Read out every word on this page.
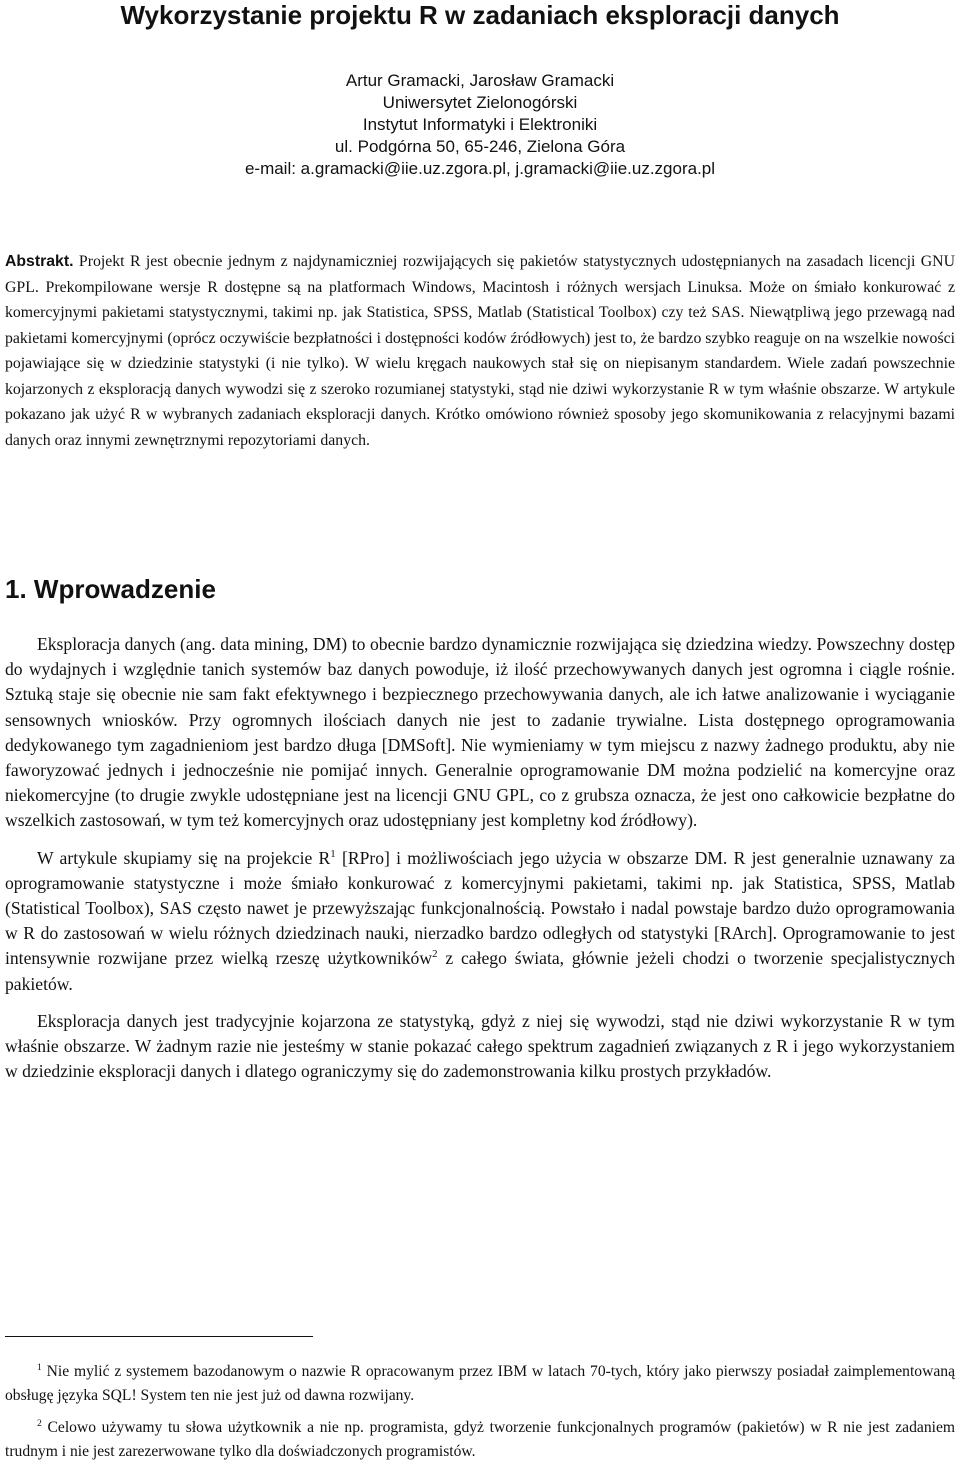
Wykorzystanie projektu R w zadaniach eksploracji danych
Artur Gramacki, Jarosław Gramacki
Uniwersytet Zielonogórski
Instytut Informatyki i Elektroniki
ul. Podgórna 50, 65-246, Zielona Góra
e-mail: a.gramacki@iie.uz.zgora.pl, j.gramacki@iie.uz.zgora.pl
Abstrakt. Projekt R jest obecnie jednym z najdynamiczniej rozwijających się pakietów statystycznych udostępnianych na zasadach licencji GNU GPL. Prekompilowane wersje R dostępne są na platformach Windows, Macintosh i różnych wersjach Linuksa. Może on śmiało konkurować z komercyjnymi pakietami statystycznymi, takimi np. jak Statistica, SPSS, Matlab (Statistical Toolbox) czy też SAS. Niewątpliwą jego przewagą nad pakietami komercyjnymi (oprócz oczywiście bezpłatności i dostępności kodów źródłowych) jest to, że bardzo szybko reaguje on na wszelkie nowości pojawiające się w dziedzinie statystyki (i nie tylko). W wielu kręgach naukowych stał się on niepisanym standardem. Wiele zadań powszechnie kojarzonych z eksploracją danych wywodzi się z szeroko rozumianej statystyki, stąd nie dziwi wykorzystanie R w tym właśnie obszarze. W artykule pokazano jak użyć R w wybranych zadaniach eksploracji danych. Krótko omówiono również sposoby jego skomunikowania z relacyjnymi bazami danych oraz innymi zewnętrznymi repozytoriami danych.
1. Wprowadzenie

Eksploracja danych (ang. data mining, DM) to obecnie bardzo dynamicznie rozwijająca się dziedzina wiedzy. Powszechny dostęp do wydajnych i względnie tanich systemów baz danych powoduje, iż ilość przechowywanych danych jest ogromna i ciągle rośnie. Sztuką staje się obecnie nie sam fakt efektywnego i bezpiecznego przechowywania danych, ale ich łatwe analizowanie i wyciąganie sensownych wniosków. Przy ogromnych ilościach danych nie jest to zadanie trywialne. Lista dostępnego oprogramowania dedykowanego tym zagadnieniom jest bardzo długa [DMSoft]. Nie wymieniamy w tym miejscu z nazwy żadnego produktu, aby nie faworyzować jednych i jednocześnie nie pomijać innych. Generalnie oprogramowanie DM można podzielić na komercyjne oraz niekomercyjne (to drugie zwykle udostępniane jest na licencji GNU GPL, co z grubsza oznacza, że jest ono całkowicie bezpłatne do wszelkich zastosowań, w tym też komercyjnych oraz udostępniany jest kompletny kod źródłowy).

W artykule skupiamy się na projekcie $R^1$ [RPro] i możliwościach jego użycia w obszarze DM. R jest generalnie uznawany za oprogramowanie statystyczne i może śmiało konkurować z komercyjnymi pakietami, takimi np. jak Statistica, SPSS, Matlab (Statistical Toolbox), SAS często nawet je przewyższając funkcjonalnością. Powstało i nadal powstaje bardzo dużo oprogramowania w R do zastosowań w wielu różnych dziedzinach nauki, nierzadko bardzo odległych od statystyki [RArch]. Oprogramowanie to jest intensywnie rozwijane przez wielką rzeszę użytkowników$^2$ z całego świata, głównie jeżeli chodzi o tworzenie specjalistycznych pakietów.

Eksploracja danych jest tradycyjnie kojarzona ze statystyką, gdyż z niej się wywodzi, stąd nie dziwi wykorzystanie R w tym właśnie obszarze. W żadnym razie nie jesteśmy w stanie pokazać całego spektrum zagadnień związanych z R i jego wykorzystaniem w dziedzinie eksploracji danych i dlatego ograniczymy się do zademonstrowania kilku prostych przykładów.

$^1$ Nie mylić z systemem bazodanowym o nazwie R opracowanym przez IBM w latach 70-tych, który jako pierwszy posiadał zaimplementowaną obsługę języka SQL! System ten nie jest już od dawna rozwijany.

$^2$ Celowo używamy tu słowa użytkownik a nie np. programista, gdyż tworzenie funkcjonalnych programów (pakietów) w R nie jest zadaniem trudnym i nie jest zarezerwowane tylko dla doświadczonych programistów.
